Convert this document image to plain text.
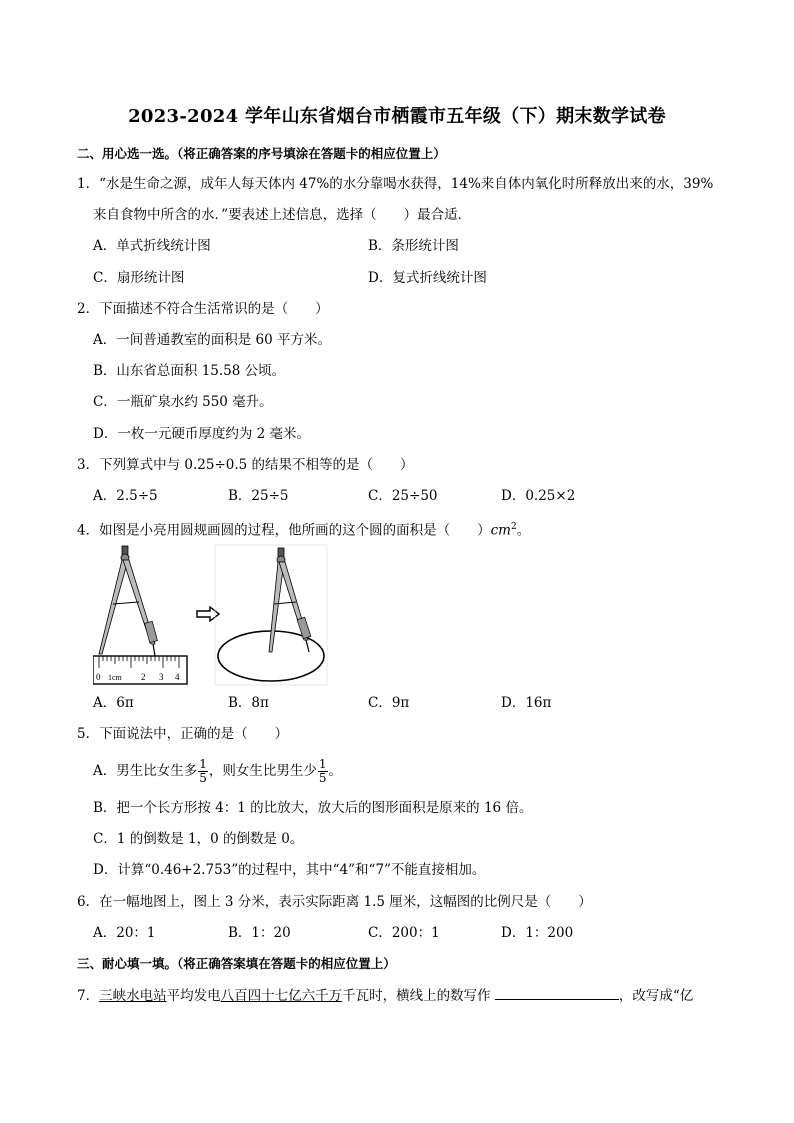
2023-2024 学年山东省烟台市栖霞市五年级（下）期末数学试卷
二、用心选一选。（将正确答案的序号填涂在答题卡的相应位置上）
1．“水是生命之源，成年人每天体内 47%的水分靠喝水获得，14%来自体内氧化时所释放出来的水，39%
来自食物中所含的水．”要表述上述信息，选择（　　）最合适．
A．单式折线统计图	B．条形统计图
C．扇形统计图	D．复式折线统计图
2．下面描述不符合生活常识的是（　　）
A．一间普通教室的面积是 60 平方米。
B．山东省总面积 15.58 公顷。
C．一瓶矿泉水约 550 毫升。
D．一枚一元硬币厚度约为 2 毫米。
3．下列算式中与 0.25÷0.5 的结果不相等的是（　　）
A．2.5÷5	B．25÷5	C．25÷50	D．0.25×2
4．如图是小亮用圆规画圆的过程，他所画的这个圆的面积是（　　）$cm^2$。
0 1cm 2 3 4
A．6π	B．8π	C．9π	D．16π
5．下面说法中，正确的是（　　）
A．男生比女生多 $\frac{1}{5}$ ，则女生比男生少 $\frac{1}{5}$ 。
B．把一个长方形按 4：1 的比放大，放大后的图形面积是原来的 16 倍。
C．1 的倒数是 1，0 的倒数是 0。
D．计算“0.46+2.753”的过程中，其中“4”和“7”不能直接相加。
6．在一幅地图上，图上 3 分米，表示实际距离 1.5 厘米，这幅图的比例尺是（　　）
A．20：1	B．1：20	C．200：1	D．1：200
三、耐心填一填。（将正确答案填在答题卡的相应位置上）
7．三峡水电站平均发电八百四十七亿六千万千瓦时，横线上的数写作	，改写成“亿
